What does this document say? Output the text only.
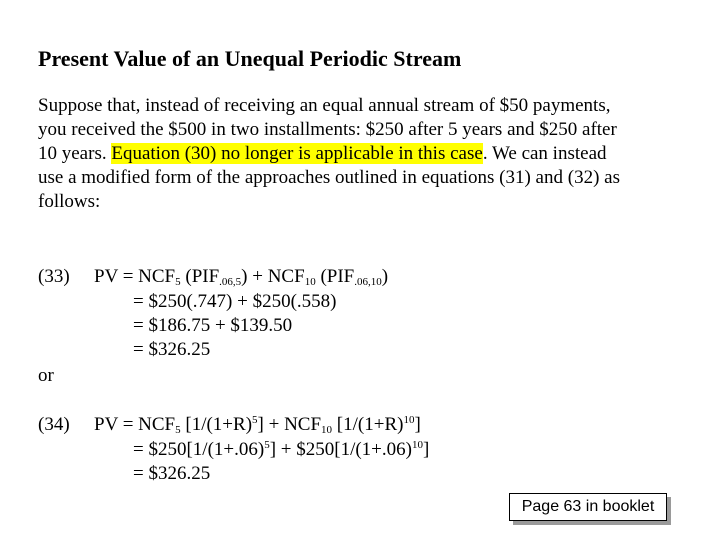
Present Value of an Unequal Periodic Stream
Suppose that, instead of receiving an equal annual stream of $50 payments,
you received the $500 in two installments: $250 after 5 years and $250 after
10 years. Equation (30) no longer is applicable in this case. We can instead
use a modified form of the approaches outlined in equations (31) and (32) as
follows:
(33) PV = $NCF_5$ $(PIF_{.06,5}) + NCF_{10}$ $(PIF_{.06,10})$
= $250(.747) + $250(.558)
= $186.75 + $139.50
= $326.25
or
(34) PV = $NCF_5$ $[1/(1+R)^5] + NCF_{10}$ $[1/(1+R)^{10}]$
= $\$250[1/(1+.06)^5]$ + $\$250[1/(1+.06)^{10}]$
= $326.25
Page 63 in booklet
